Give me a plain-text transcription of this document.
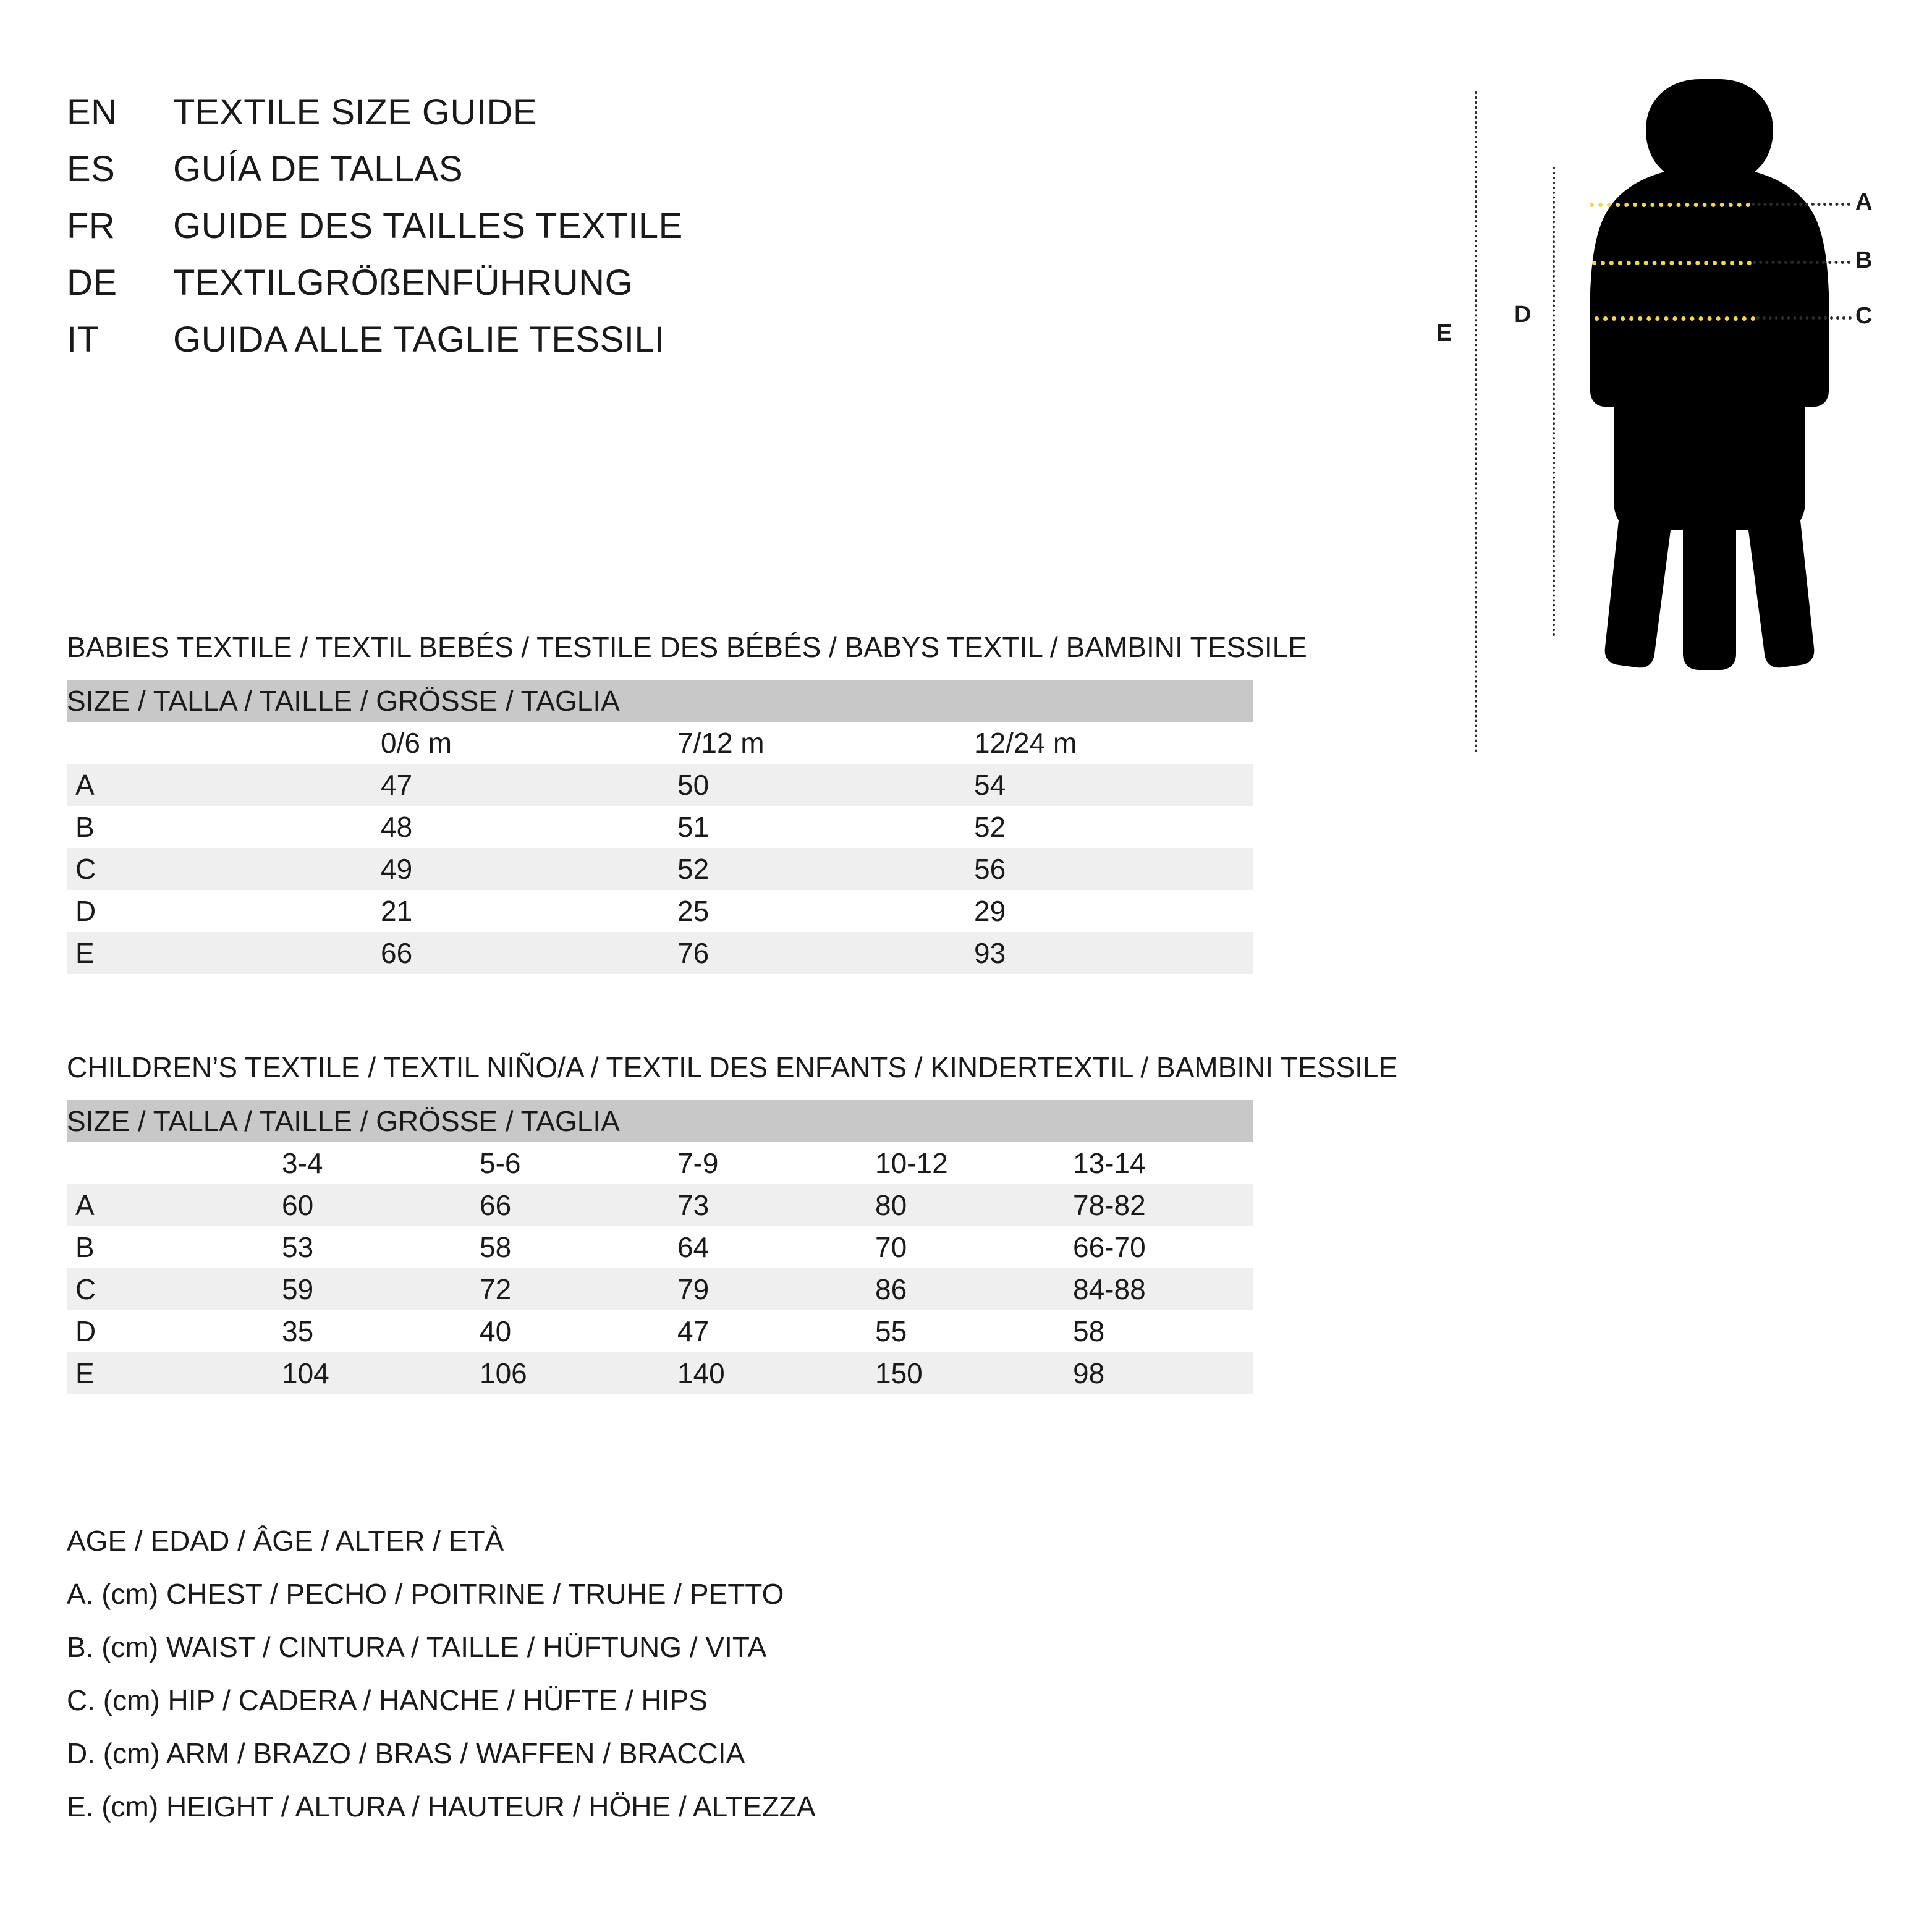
EN	TEXTILE SIZE GUIDE
ES	GUÍA DE TALLAS
FR	GUIDE DES TAILLES TEXTILE
DE	TEXTILGRÖßENFÜHRUNG
IT	GUIDA ALLE TAGLIE TESSILI	E
D
A
B
C
BABIES TEXTILE / TEXTIL BEBÉS / TESTILE DES BÉBÉS / BABYS TEXTIL / BAMBINI TESSILE
SIZE / TALLA / TAILLE / GRÖSSE / TAGLIA			
	0/6 m	7/12 m	12/24 m
A	47	50	54
B	48	51	52
C	49	52	56
D	21	25	29
E	66	76	93
CHILDREN’S TEXTILE / TEXTIL NIÑO/A / TEXTIL DES ENFANTS / KINDERTEXTIL / BAMBINI TESSILE
SIZE / TALLA / TAILLE / GRÖSSE / TAGLIA					
	3-4	5-6	7-9	10-12	13-14
A	60	66	73	80	78-82
B	53	58	64	70	66-70
C	59	72	79	86	84-88
D	35	40	47	55	58
E	104	106	140	150	98
AGE / EDAD / ÂGE / ALTER / ETÀ
A. (cm) CHEST / PECHO / POITRINE / TRUHE / PETTO
B. (cm) WAIST / CINTURA / TAILLE / HÜFTUNG / VITA
C. (cm) HIP / CADERA / HANCHE / HÜFTE / HIPS
D. (cm) ARM / BRAZO / BRAS / WAFFEN / BRACCIA
E. (cm) HEIGHT / ALTURA / HAUTEUR / HÖHE / ALTEZZA
